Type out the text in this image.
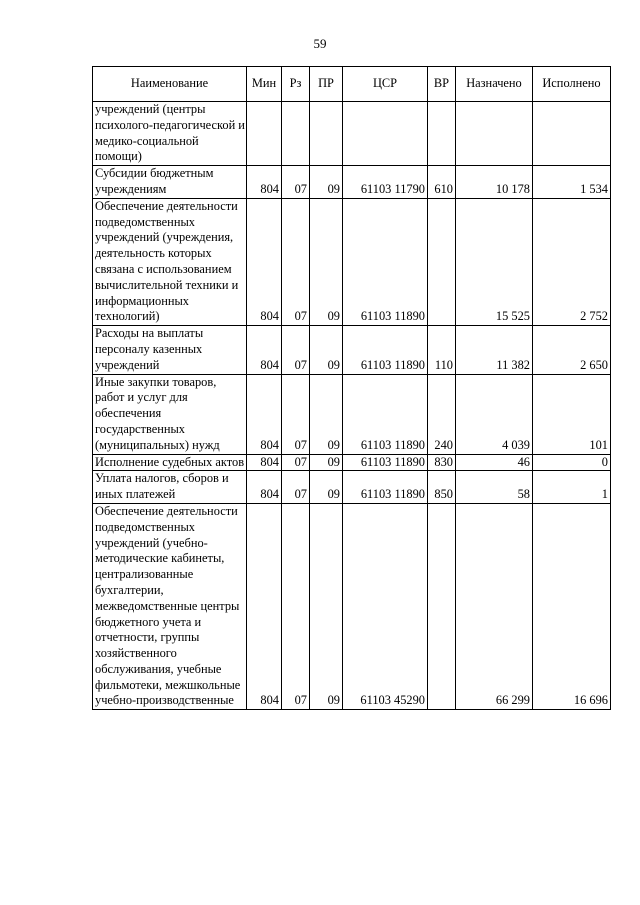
59
Наименование	Мин	Рз	ПР	ЦСР	ВР	Назначено	Исполнено
учреждений (центры психолого-педагогической и медико-социальной помощи)							
Субсидии бюджетным учреждениям	804	07	09	61103 11790	610	10 178	1 534
Обеспечение деятельности подведомственных учреждений (учреждения, деятельность которых связана с использованием вычислительной техники и информационных технологий)	804	07	09	61103 11890		15 525	2 752
Расходы на выплаты персоналу казенных учреждений	804	07	09	61103 11890	110	11 382	2 650
Иные закупки товаров, работ и услуг для обеспечения государственных (муниципальных) нужд	804	07	09	61103 11890	240	4 039	101
Исполнение судебных актов	804	07	09	61103 11890	830	46	0
Уплата налогов, сборов и иных платежей	804	07	09	61103 11890	850	58	1
Обеспечение деятельности подведомственных учреждений (учебно-методические кабинеты, централизованные бухгалтерии, межведомственные центры бюджетного учета и отчетности, группы хозяйственного обслуживания, учебные фильмотеки, межшкольные учебно-производственные	804	07	09	61103 45290		66 299	16 696
